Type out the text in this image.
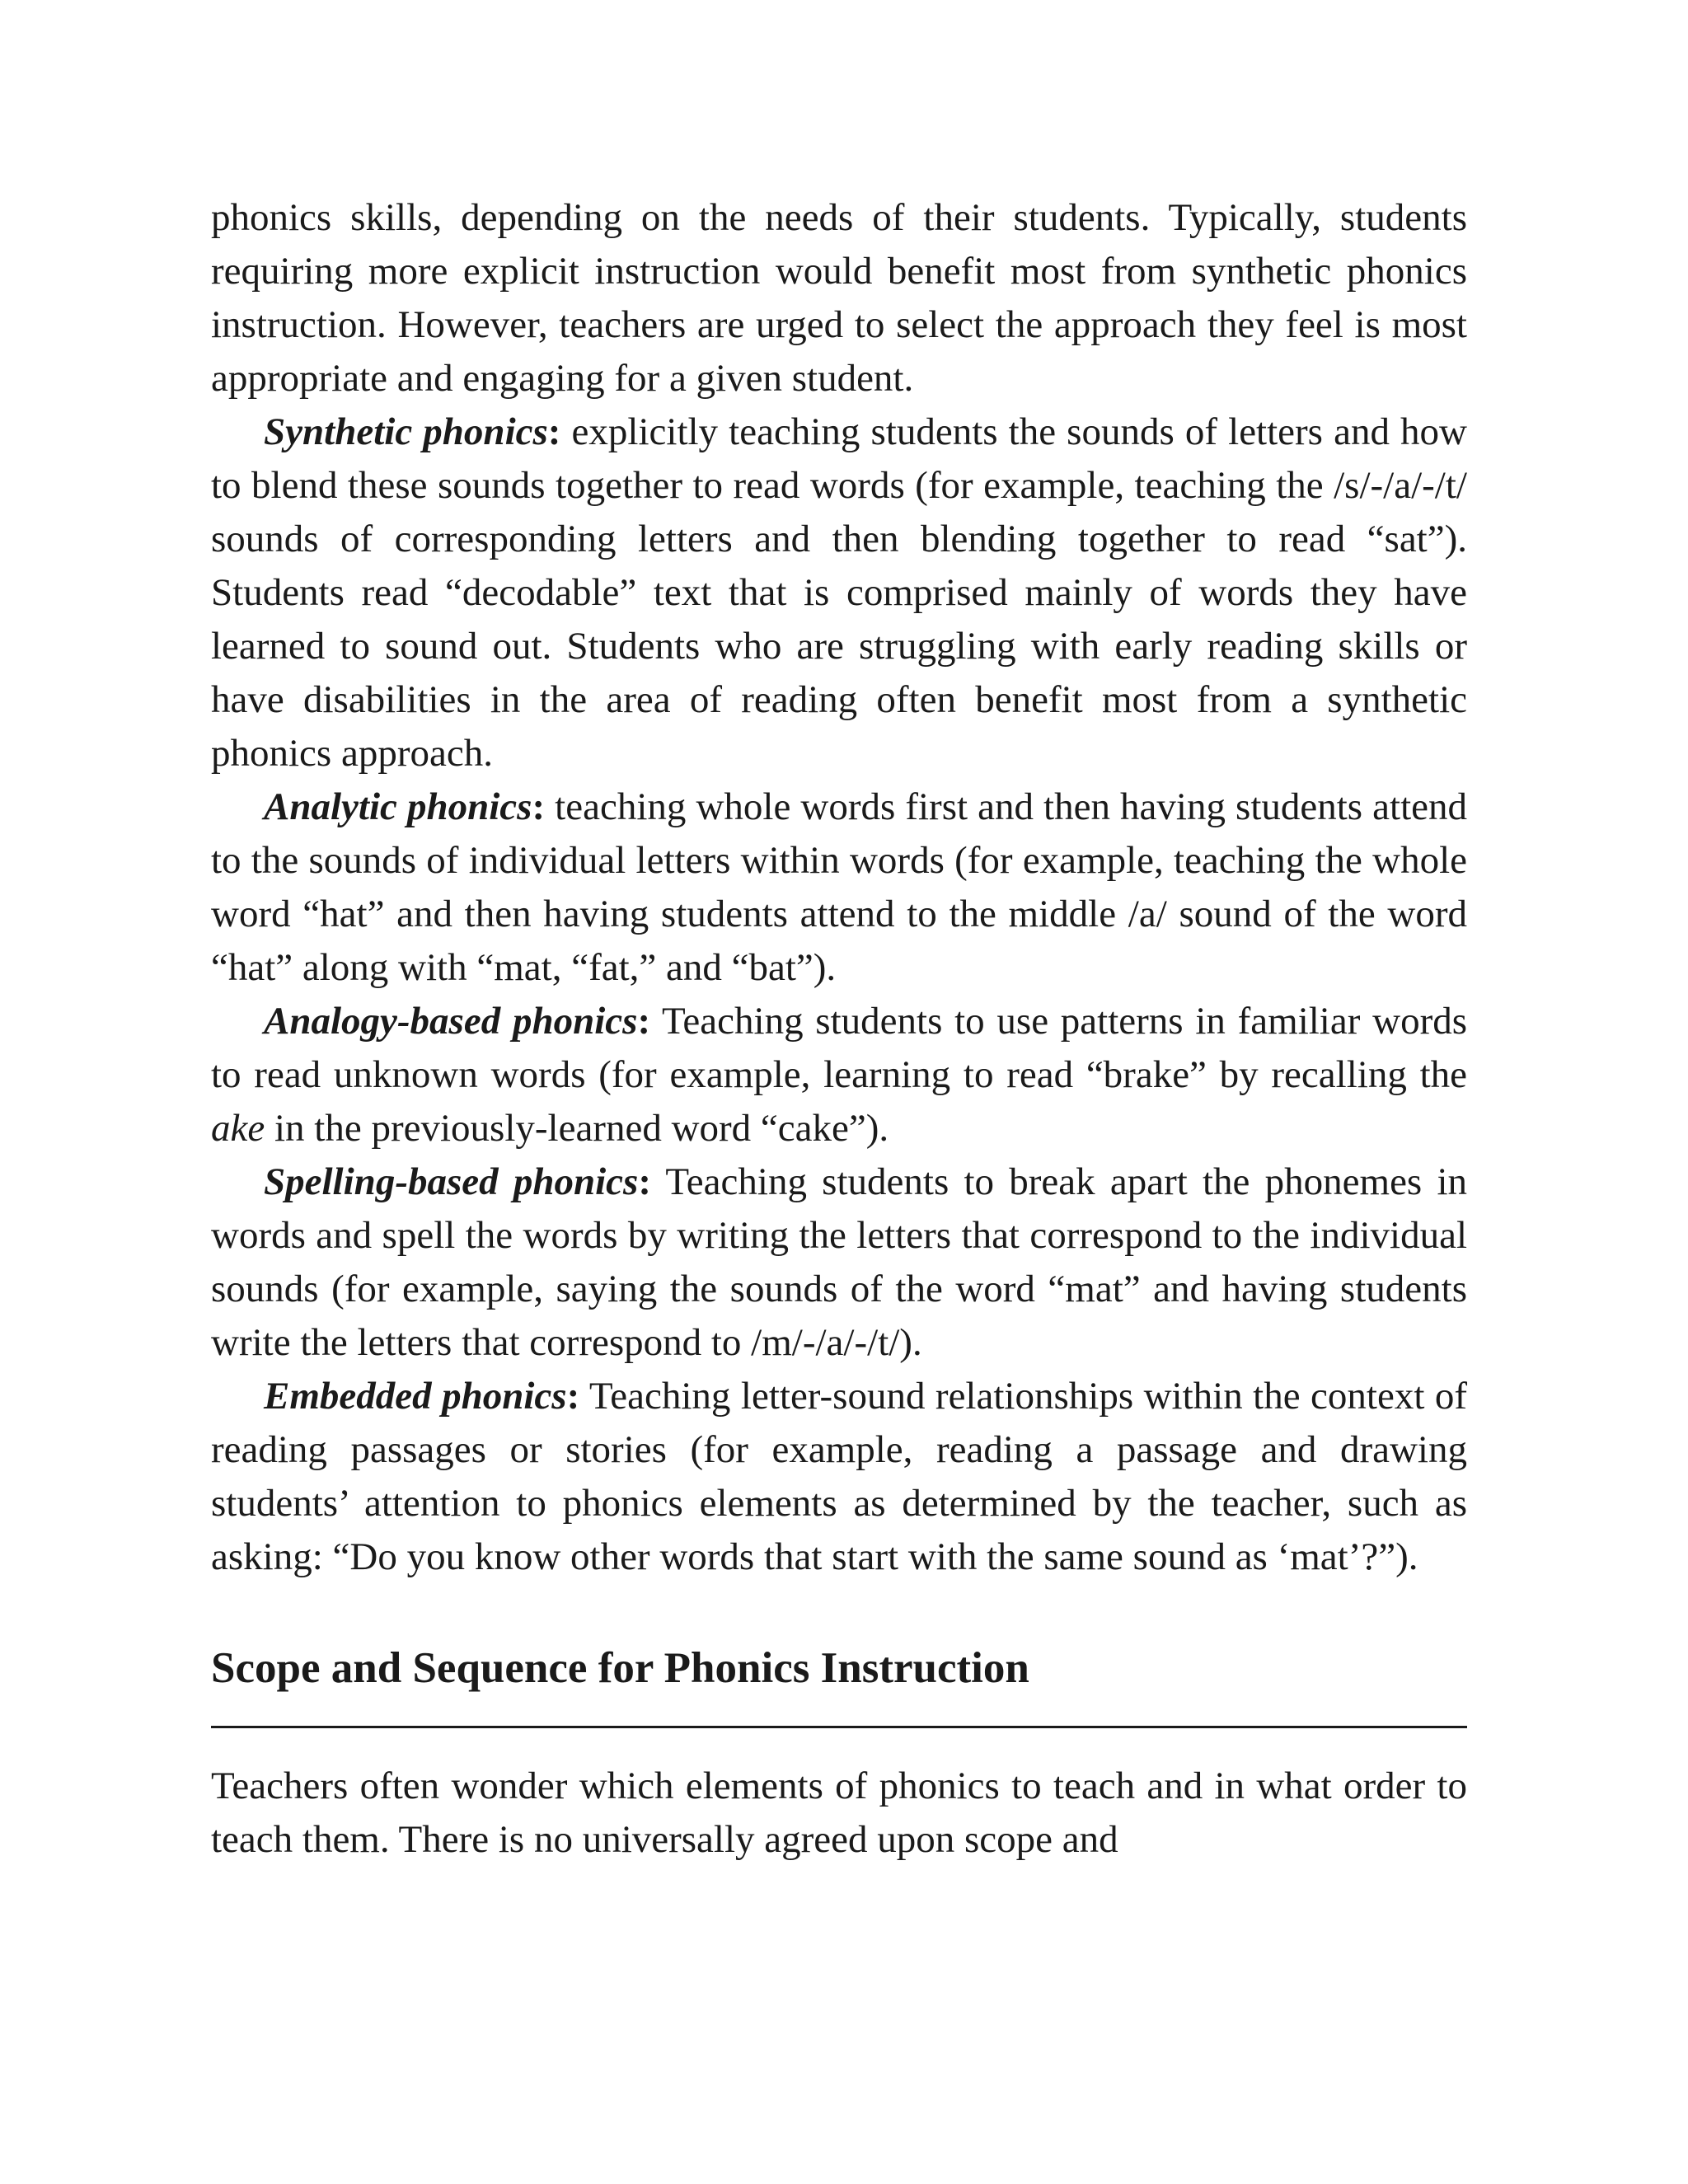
phonics skills, depending on the needs of their students. Typically, students requiring more explicit instruction would benefit most from synthetic phonics instruction. However, teachers are urged to select the approach they feel is most appropriate and engaging for a given student.

Synthetic phonics: explicitly teaching students the sounds of letters and how to blend these sounds together to read words (for example, teaching the /s/-/a/-/t/ sounds of corresponding letters and then blending together to read “sat”). Students read “decodable” text that is comprised mainly of words they have learned to sound out. Students who are struggling with early reading skills or have disabilities in the area of reading often benefit most from a synthetic phonics approach.

Analytic phonics: teaching whole words first and then having students attend to the sounds of individual letters within words (for example, teaching the whole word “hat” and then having students attend to the middle /a/ sound of the word “hat” along with “mat, “fat,” and “bat”).

Analogy-based phonics: Teaching students to use patterns in familiar words to read unknown words (for example, learning to read “brake” by recalling the ake in the previously-learned word “cake”).

Spelling-based phonics: Teaching students to break apart the phonemes in words and spell the words by writing the letters that correspond to the individual sounds (for example, saying the sounds of the word “mat” and having students write the letters that correspond to /m/-/a/-/t/).

Embedded phonics: Teaching letter-sound relationships within the context of reading passages or stories (for example, reading a passage and drawing students’ attention to phonics elements as determined by the teacher, such as asking: “Do you know other words that start with the same sound as ‘mat’?”).

Scope and Sequence for Phonics Instruction

Teachers often wonder which elements of phonics to teach and in what order to teach them. There is no universally agreed upon scope and
